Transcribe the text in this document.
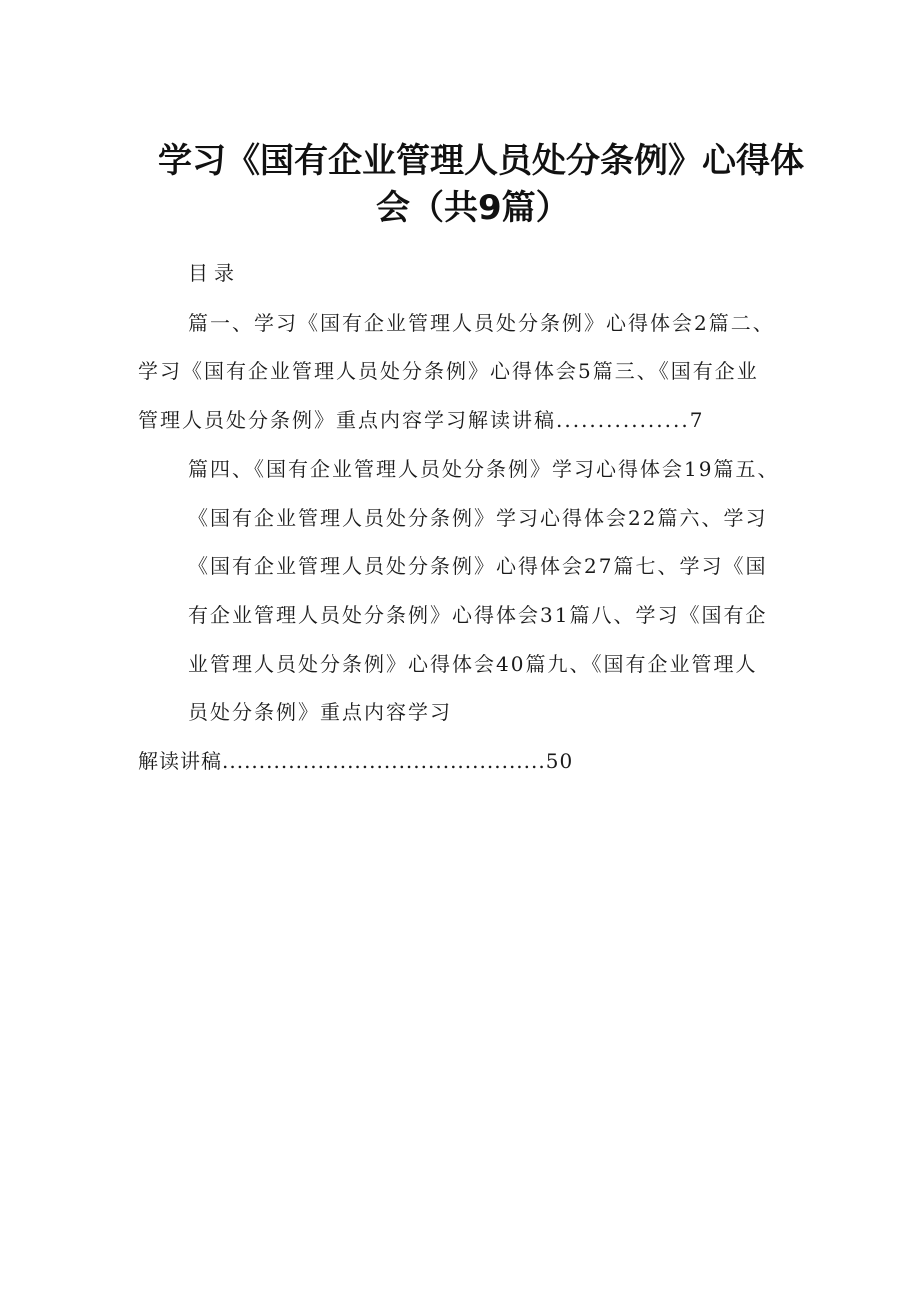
学习《国有企业管理人员处分条例》心得体
会（共9篇）
目录
篇一、学习《国有企业管理人员处分条例》心得体会2篇二、
学习《国有企业管理人员处分条例》心得体会5篇三、《国有企业
管理人员处分条例》重点内容学习解读讲稿................7
篇四、《国有企业管理人员处分条例》学习心得体会19篇五、
《国有企业管理人员处分条例》学习心得体会22篇六、学习
《国有企业管理人员处分条例》心得体会27篇七、学习《国
有企业管理人员处分条例》心得体会31篇八、学习《国有企
业管理人员处分条例》心得体会40篇九、《国有企业管理人
员处分条例》重点内容学习
解读讲稿............................................50
